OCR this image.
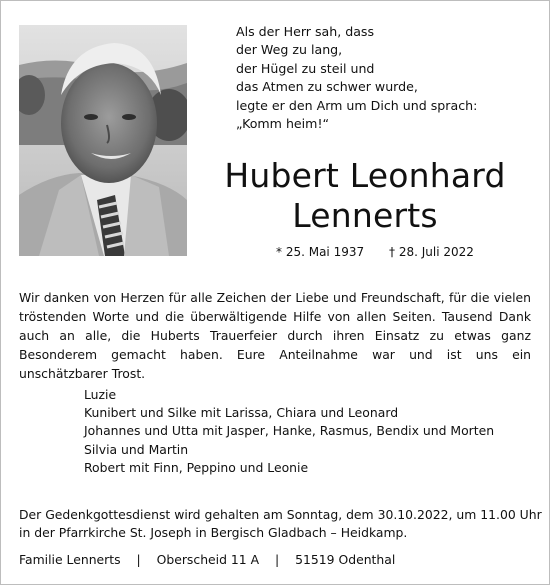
Als der Herr sah, dass
der Weg zu lang,
der Hügel zu steil und
das Atmen zu schwer wurde,
legte er den Arm um Dich und sprach:
„Komm heim!“
Hubert Leonhard
Lennerts
* 25. Mai 1937 † 28. Juli 2022
Wir danken von Herzen für alle Zeichen der Liebe und Freundschaft, für die vielen tröstenden Worte und die überwältigende Hilfe von allen Seiten. Tausend Dank auch an alle, die Huberts Trauerfeier durch ihren Einsatz zu etwas ganz Besonderem gemacht haben. Eure Anteilnahme war und ist uns ein unschätzbarer Trost.
Luzie
Kunibert und Silke mit Larissa, Chiara und Leonard
Johannes und Utta mit Jasper, Hanke, Rasmus, Bendix und Morten
Silvia und Martin
Robert mit Finn, Peppino und Leonie
Der Gedenkgottesdienst wird gehalten am Sonntag, dem 30.10.2022, um 11.00 Uhr
in der Pfarrkirche St. Joseph in Bergisch Gladbach – Heidkamp.
Familie Lennerts | Oberscheid 11 A | 51519 Odenthal
